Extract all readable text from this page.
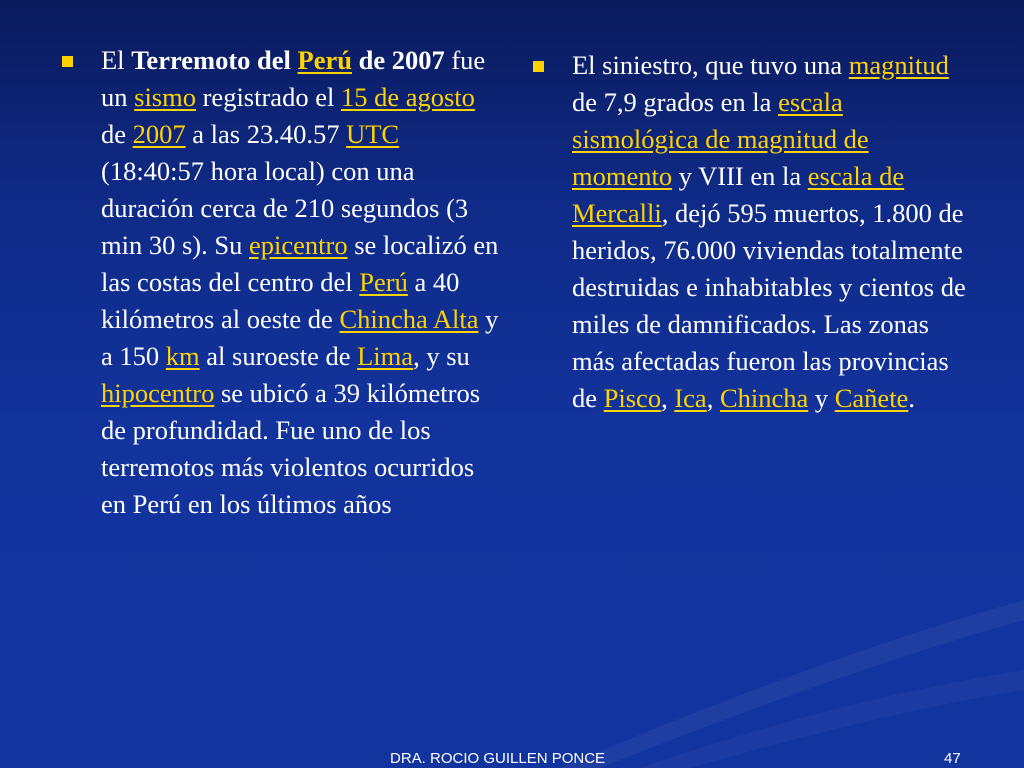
El Terremoto del Perú de 2007 fue un sismo registrado el 15 de agosto de 2007 a las 23.40.57 UTC (18:40:57 hora local) con una duración cerca de 210 segundos (3 min 30 s). Su epicentro se localizó en las costas del centro del Perú a 40 kilómetros al oeste de Chincha Alta y a 150 km al suroeste de Lima, y su hipocentro se ubicó a 39 kilómetros de profundidad. Fue uno de los terremotos más violentos ocurridos en Perú en los últimos años
El siniestro, que tuvo una magnitud de 7,9 grados en la escala sismológica de magnitud de momento y VIII en la escala de Mercalli, dejó 595 muertos, 1.800 de heridos, 76.000 viviendas totalmente destruidas e inhabitables y cientos de miles de damnificados. Las zonas más afectadas fueron las provincias de Pisco, Ica, Chincha y Cañete.
DRA. ROCIO GUILLEN PONCE	47
